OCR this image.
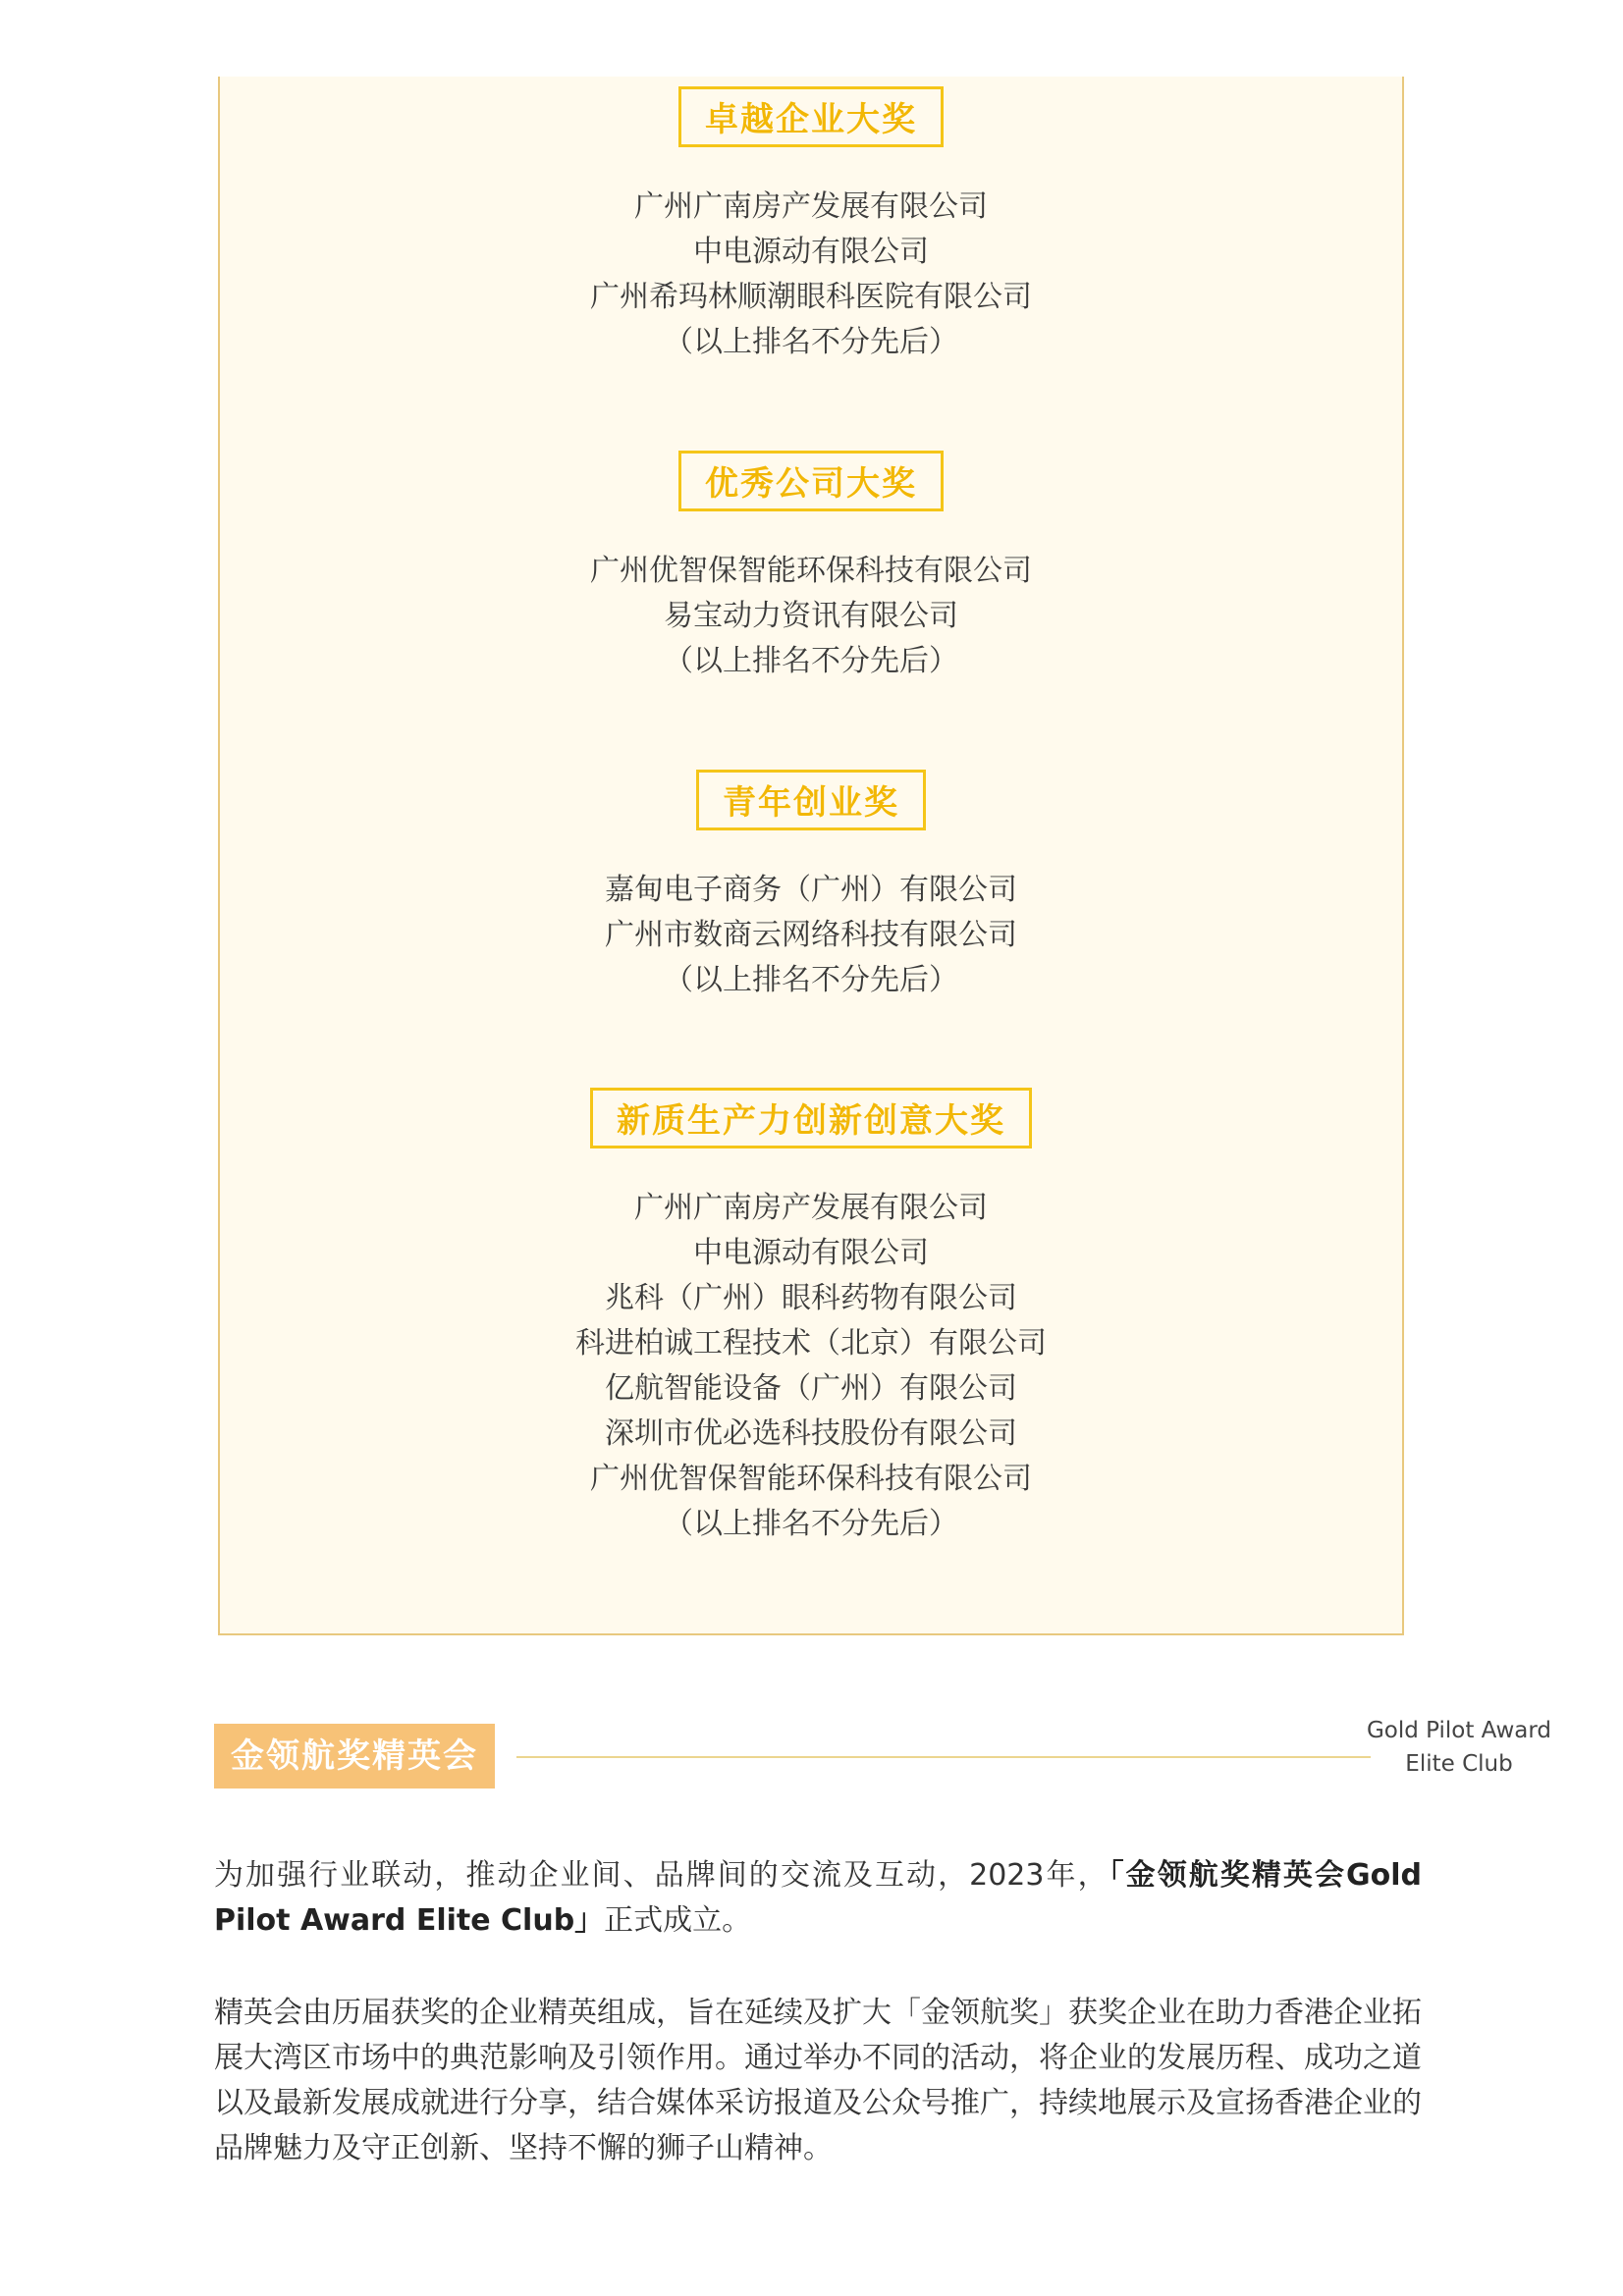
卓越企业大奖
广州广南房产发展有限公司
中电源动有限公司
广州希玛林顺潮眼科医院有限公司
（以上排名不分先后）
优秀公司大奖
广州优智保智能环保科技有限公司
易宝动力资讯有限公司
（以上排名不分先后）
青年创业奖
嘉甸电子商务（广州）有限公司
广州市数商云网络科技有限公司
（以上排名不分先后）
新质生产力创新创意大奖
广州广南房产发展有限公司
中电源动有限公司
兆科（广州）眼科药物有限公司
科进柏诚工程技术（北京）有限公司
亿航智能设备（广州）有限公司
深圳市优必选科技股份有限公司
广州优智保智能环保科技有限公司
（以上排名不分先后）
金领航奖精英会
Gold Pilot Award
Elite Club
为加强行业联动，推动企业间、品牌间的交流及互动，2023年，「金领航奖精英会Gold Pilot Award Elite Club」正式成立。
精英会由历届获奖的企业精英组成，旨在延续及扩大「金领航奖」获奖企业在助力香港企业拓展大湾区市场中的典范影响及引领作用。通过举办不同的活动，将企业的发展历程、成功之道以及最新发展成就进行分享，结合媒体采访报道及公众号推广，持续地展示及宣扬香港企业的品牌魅力及守正创新、坚持不懈的狮子山精神。
